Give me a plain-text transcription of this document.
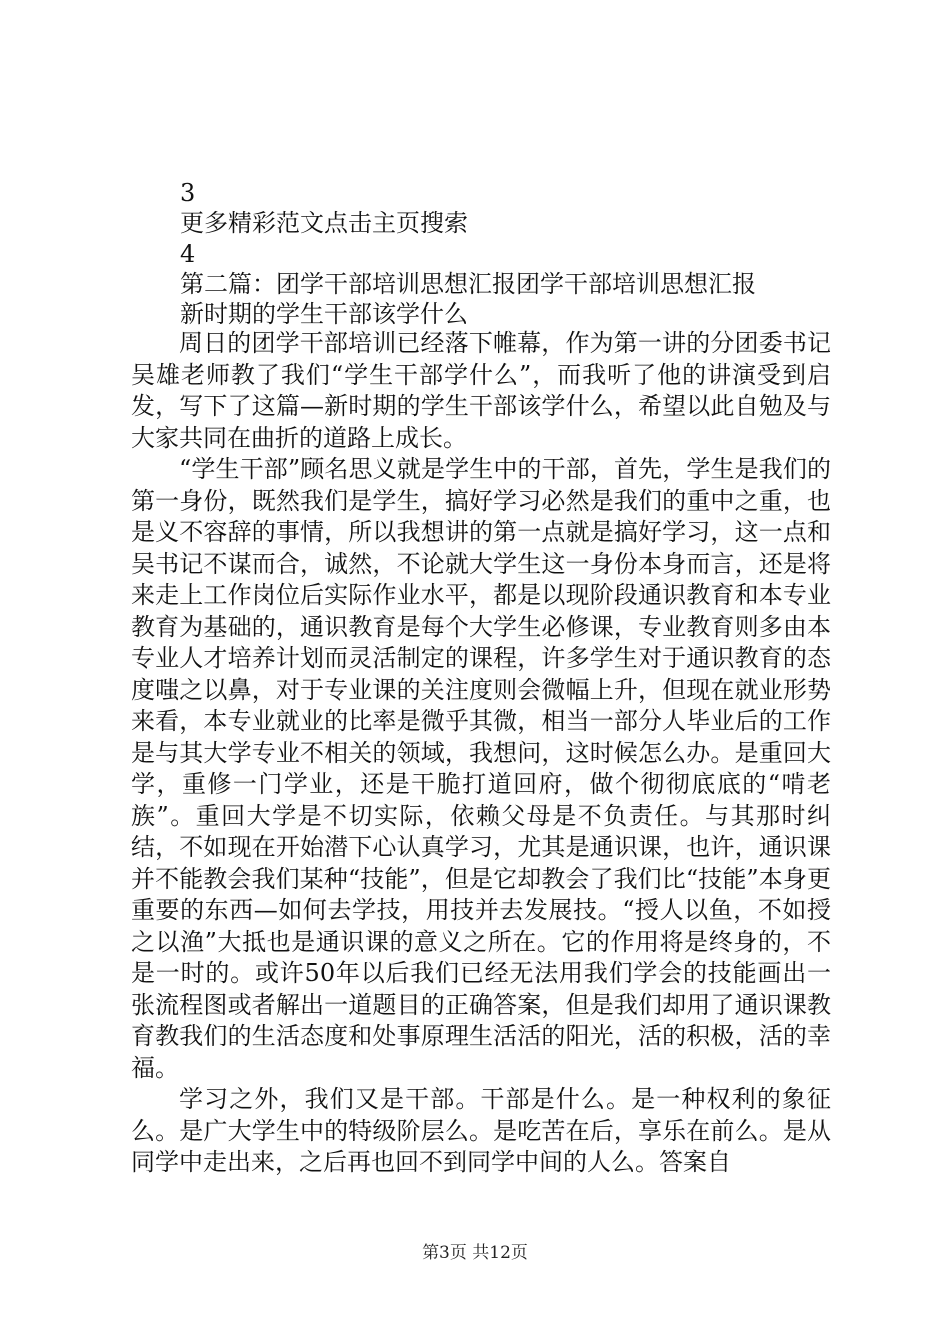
3

更多精彩范文点击主页搜索

4

第二篇：团学干部培训思想汇报团学干部培训思想汇报

新时期的学生干部该学什么

周日的团学干部培训已经落下帷幕，作为第一讲的分团委书记吴雄老师教了我们“学生干部学什么”，而我听了他的讲演受到启发，写下了这篇—新时期的学生干部该学什么，希望以此自勉及与大家共同在曲折的道路上成长。

“学生干部”顾名思义就是学生中的干部，首先，学生是我们的第一身份，既然我们是学生，搞好学习必然是我们的重中之重，也是义不容辞的事情，所以我想讲的第一点就是搞好学习，这一点和吴书记不谋而合，诚然，不论就大学生这一身份本身而言，还是将来走上工作岗位后实际作业水平，都是以现阶段通识教育和本专业教育为基础的，通识教育是每个大学生必修课，专业教育则多由本专业人才培养计划而灵活制定的课程，许多学生对于通识教育的态度嗤之以鼻，对于专业课的关注度则会微幅上升，但现在就业形势来看，本专业就业的比率是微乎其微，相当一部分人毕业后的工作是与其大学专业不相关的领域，我想问，这时候怎么办。是重回大学，重修一门学业，还是干脆打道回府，做个彻彻底底的“啃老族”。重回大学是不切实际，依赖父母是不负责任。与其那时纠结，不如现在开始潜下心认真学习，尤其是通识课，也许，通识课并不能教会我们某种“技能”，但是它却教会了我们比“技能”本身更重要的东西—如何去学技，用技并去发展技。“授人以鱼，不如授之以渔”大抵也是通识课的意义之所在。它的作用将是终身的，不是一时的。或许50年以后我们已经无法用我们学会的技能画出一张流程图或者解出一道题目的正确答案，但是我们却用了通识课教育教我们的生活态度和处事原理生活活的阳光，活的积极，活的幸福。

学习之外，我们又是干部。干部是什么。是一种权利的象征么。是广大学生中的特级阶层么。是吃苦在后，享乐在前么。是从同学中走出来，之后再也回不到同学中间的人么。答案自

第3页 共12页
